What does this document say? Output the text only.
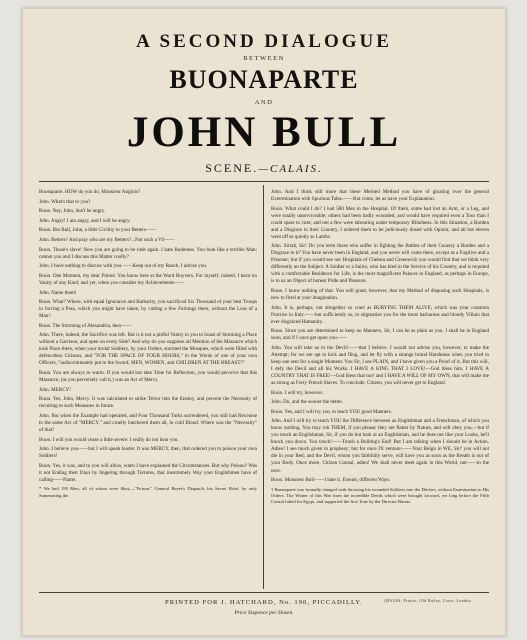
A SECOND DIALOGUE
BETWEEN
BUONAPARTE
AND
JOHN BULL
SCENE.—CALAIS.

Buonaparte. HOW do you do, Monsieur Anglois?

John. What's that to you?

Buon. Nay, John, don't be angry.

John. Angry! I am angry, and I will be angry.

Buon. But Bull, John, a little Civility to your Betters——

John. Betters? And pray who are my Betters?...Not such a Vil——

Buon. Those's slave! Now you are going to be rude again. I hate Rudeness. You look like a terrible Man; cannot you and I discuss this Matter coolly?

John. I have nothing to discuss with you.——Keep out of my Reach, I advise you.

Buon. One Moment, my dear Friend. You know here at the Word Buyvers. For myself, indeed, I have no Vanity of any Kind; and yet, when you consider my Achievements——

John. Name them!

Buon. What? Where, with equal Ignorance and Barbarity, you sacrificed Six Thousand of your best Troops in forcing a Pass, which you might have taken, by cutting a few Furlongs there, without the Loss of a Man?

Buon. The Storming of Alexandria, then——

John. There, indeed, the Sacrifice was left. But is it not a pitiful Vanity in you to boast of Storming a Place without a Garrison, and open on every Side? And why do you suppress all Mention of the Massacre which took Place there, when your brutal Soldiery, by your Orders, stormed the Mosques, which were filled with defenceless Citizens, and "FOR THE SPACE OF FOUR HOURS," in the Words of one of your own Officers, "indiscriminately put to the Sword, MEN, WOMEN, and CHILDREN AT THE BREAST?"

Buon. You are always to warm. If you would but take Time for Reflection, you would perceive that this Massacre, (as you perversely call it,) was an Act of Mercy.

John. MERCY!

Buon. Yes, John, Mercy. It was calculated to strike Terror into the Enemy, and prevent the Necessity of recurring to such Measures in future.

John. But when the Example had operated, and Four Thousand Turks surrendered, you still had Recourse to the same Act of "MERCY," and cruelly butchered them all, in cold Blood. Where was the "Necessity" of that?

Buon. I will you would cease a little severe: I really do not hear you.

John. I believe you——but I will speak louder. It was MERCY, then, that ordered you to poison your own Soldiers!

Buon. Yes, it was, and to you will allow, when I have explained the Circumstances. But why Poison? Was it not Ending their Days by lingering through Tortures, that inextremely Way your Englishmen have of calling——Name.

* We had 150 Men, all of whom were Shot,—"Poison." General Reyer's Dispatch, his Secret Brief, by only Summoning the

John. And I think still more that these Merited Method you have of gloating over the general Extermination with Spurious Tales.——But come, let us have your Explanation.

Buon. What could I do? I had 580 Men in the Hospital. Of them, some had lost an Arm, or a Leg, and were totally unserviceable; others had been badly wounded, and would have required even a Tour than I could spare to cure; and not a few were labouring under temporary Blindness. In this Situation, a Burden and a Disgrace to their Country, I ordered them to be judiciously dosed with Opium; and all but eleven went off as quietly as Lambs.

John. Sirrah, Sir! Do you term those who suffer in fighting the Battles of their Country a Burden and a Disgrace to it? You have never been in England, and you never will come there, except as a Fugitive and a Prisoner; but if you would see our Hospitals of Chelsea and Greenwich you would find that we think very differently on the Subject. A Soldier or a Sailor, who has bled in the Service of his Country, and is requited with a comfortable Residence for Life, is the most magnificent Palaces in England, as perhaps in Europe, is to us an Object of honest Pride and Pleasure.

Buon. I know nothing of that. You will grant, however, that my Method of disposing such Hospitals, is new to fired at your imagination.

John. It is, perhaps, not altogether so cruel as BURYING THEM ALIVE; which was your common Practice in Italy.——but sufficiently so, to stigmatize you for the most barbarous and bloody Villain that ever disgraced Humanity.

Buon. Since you are determined to keep no Manners, Sir, I can be as plain as you. I shall be in England soon, and if I once get upon you——

John. You will take us to the Devil!——that I believe. I would not advise you, however, to make the Attempt; for we are apt to kick and fling, and let fly with a strange brutal Harshness when you tried to keep one sent for a single Moment. You Sir, I see PLAIN, and I have given you a Proof of it. But this will, I defy the Devil and all his Works. I HAVE A KING THAT I LOVE!—God bless him. I HAVE A COUNTRY THAT IS FREE!—God bless that too! and I HAVE A WILL OF MY OWN, that will make me as strong as Forty French Slaves. To conclude, Citizen, you will never get to England.

Buon. I will try, however.

John. Do, and the sooner the better.

Buon. Yes, and I will try, too, to teach YOU good Manners.

John. And I will try to teach YOU the Difference between an Englishman and a Frenchman, of which you know nothing. You may rob THEM, if you please; they are flatter by Nature, and will obey you,—but if you touch an Englishman, Sir, if you do but look at an Englishman, and he does not like your Looks, he'll knock you down. You touch!——Touch a Bulldog's End! But I am talking when I should be in Action. Adieu! I see much given to prophesy; but for once I'll venture:——Your Reign in WE, Sir? you will not die in your Bed; and the Devil, whom you faithfully serve, will have you as soon as the Breath is out of your Body. Once more, Citizen Consul, adieu! We shall never meet again in this World, not——in the next.

Buon. Monsieur Bull——I hate it. Exeunt, different Ways.

† Buonaparte was formally charged with throwing his wounded Soldiers into the Ditches, without Examination to His Orders. The Winter of this War from the incredible Deeds which were brought forward, yet long before the Fifth Consul failed for Egypt, and supported the first Tone by the Director Barras.

PRINTED FOR J. HATCHARD, No. 190, PICCADILLY.
Price Sixpence per Dozen.
(HALES, Printer, Old Bailey, Court, London
